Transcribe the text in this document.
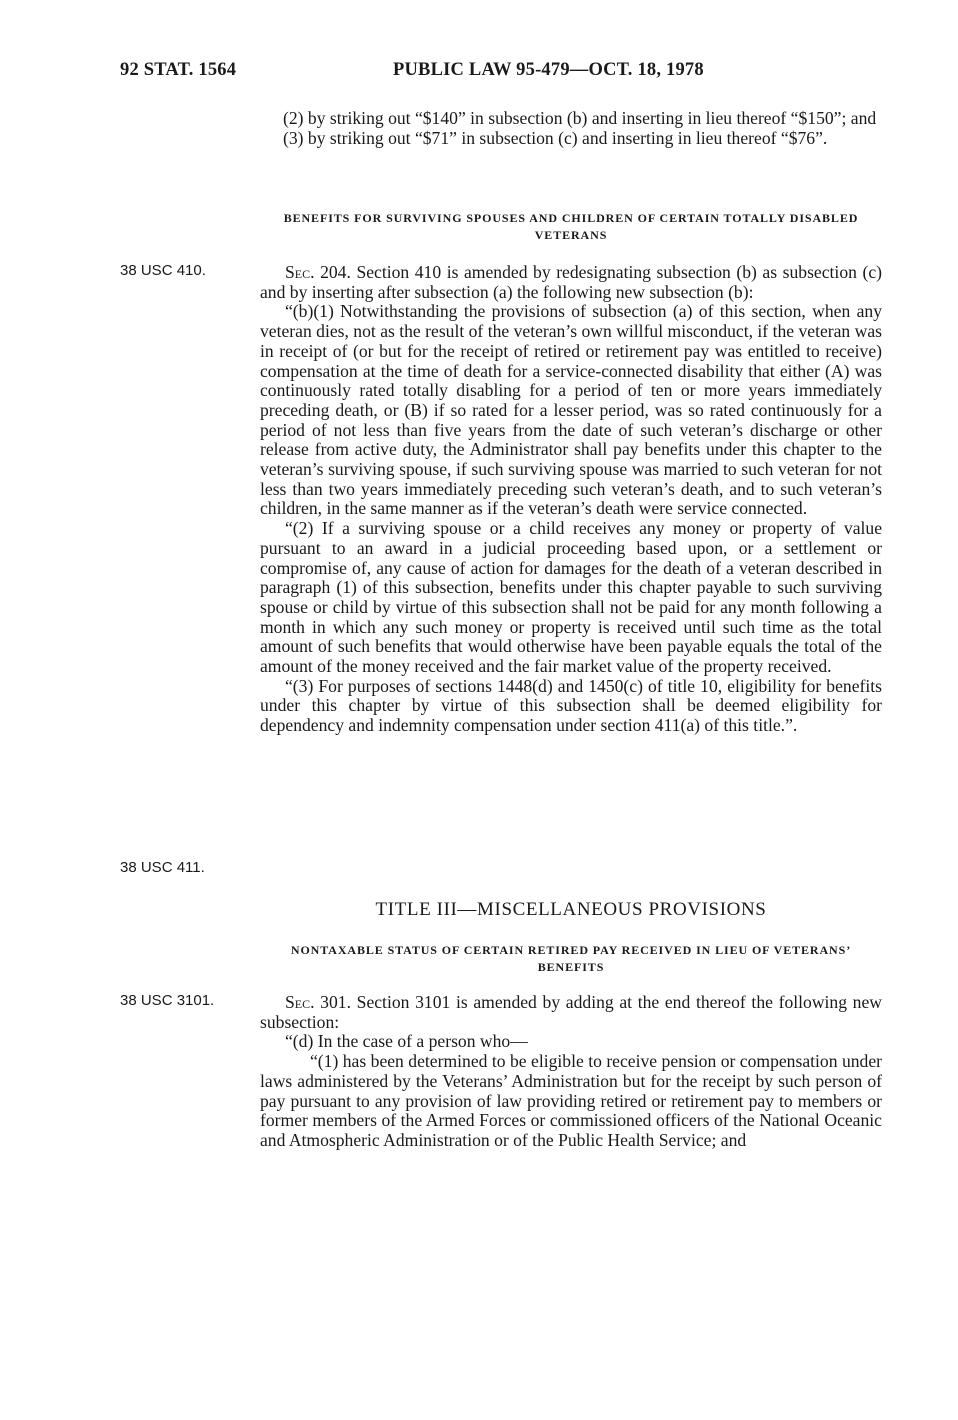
92 STAT. 1564	PUBLIC LAW 95-479—OCT. 18, 1978

(2) by striking out “$140” in subsection (b) and inserting in lieu thereof “$150”; and

(3) by striking out “$71” in subsection (c) and inserting in lieu thereof “$76”.

BENEFITS FOR SURVIVING SPOUSES AND CHILDREN OF CERTAIN TOTALLY DISABLED VETERANS
38 USC 410.	Sec. 204. Section 410 is amended by redesignating subsection (b) as subsection (c) and by inserting after subsection (a) the following new subsection (b):

“(b)(1) Notwithstanding the provisions of subsection (a) of this section, when any veteran dies, not as the result of the veteran’s own willful misconduct, if the veteran was in receipt of (or but for the receipt of retired or retirement pay was entitled to receive) compensation at the time of death for a service-connected disability that either (A) was continuously rated totally disabling for a period of ten or more years immediately preceding death, or (B) if so rated for a lesser period, was so rated continuously for a period of not less than five years from the date of such veteran’s discharge or other release from active duty, the Administrator shall pay benefits under this chapter to the veteran’s surviving spouse, if such surviving spouse was married to such veteran for not less than two years immediately preceding such veteran’s death, and to such veteran’s children, in the same manner as if the veteran’s death were service connected.

“(2) If a surviving spouse or a child receives any money or property of value pursuant to an award in a judicial proceeding based upon, or a settlement or compromise of, any cause of action for damages for the death of a veteran described in paragraph (1) of this subsection, benefits under this chapter payable to such surviving spouse or child by virtue of this subsection shall not be paid for any month following a month in which any such money or property is received until such time as the total amount of such benefits that would otherwise have been payable equals the total of the amount of the money received and the fair market value of the property received.

“(3) For purposes of sections 1448(d) and 1450(c) of title 10, eligibility for benefits under this chapter by virtue of this subsection shall be deemed eligibility for dependency and indemnity compensation under section 411(a) of this title.”.

38 USC 411.
TITLE III—MISCELLANEOUS PROVISIONS
NONTAXABLE STATUS OF CERTAIN RETIRED PAY RECEIVED IN LIEU OF VETERANS’ BENEFITS
38 USC 3101.	Sec. 301. Section 3101 is amended by adding at the end thereof the following new subsection:

“(d) In the case of a person who—

“(1) has been determined to be eligible to receive pension or compensation under laws administered by the Veterans’ Administration but for the receipt by such person of pay pursuant to any provision of law providing retired or retirement pay to members or former members of the Armed Forces or commissioned officers of the National Oceanic and Atmospheric Administration or of the Public Health Service; and
